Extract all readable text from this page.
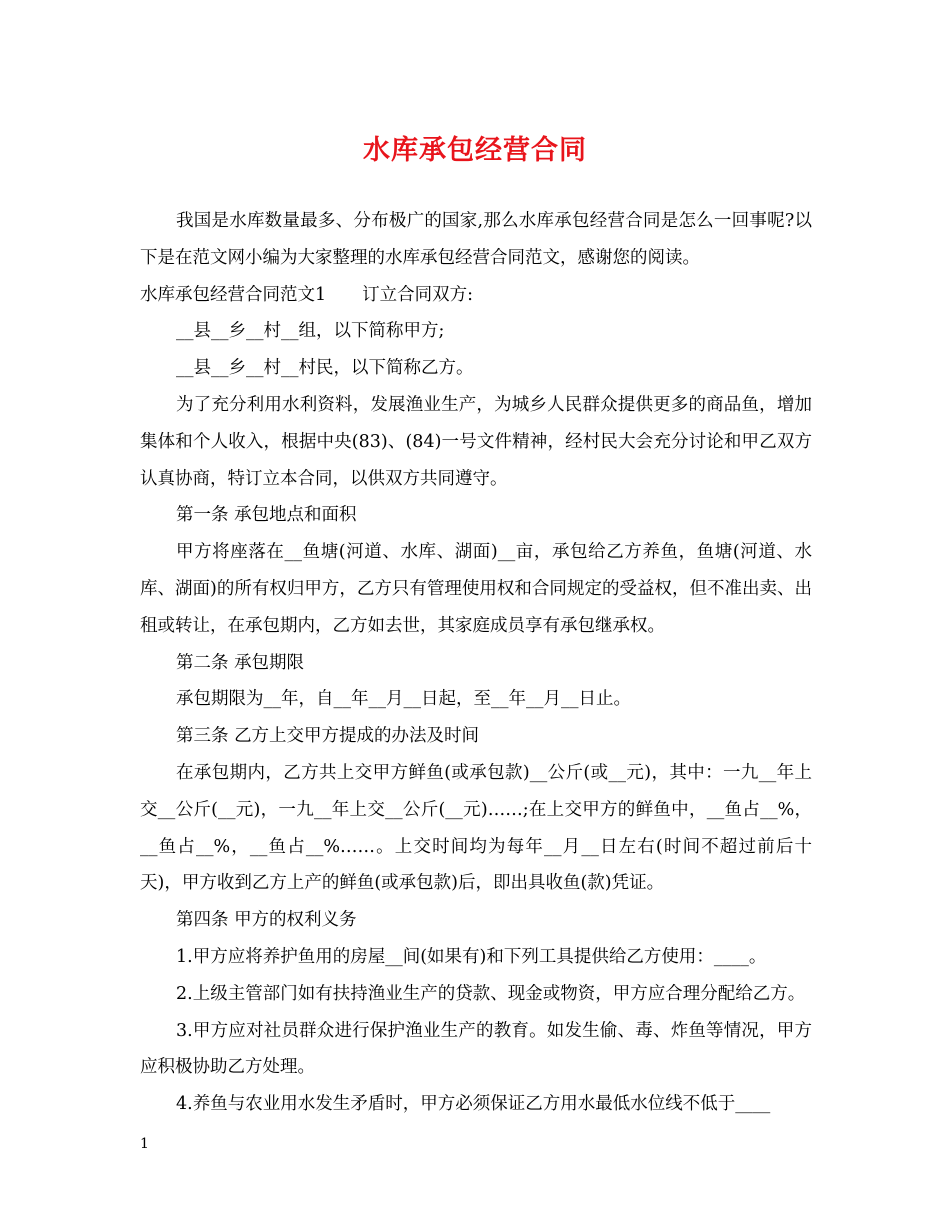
水库承包经营合同

我国是水库数量最多、分布极广的国家,那么水库承包经营合同是怎么一回事呢?以下是在范文网小编为大家整理的水库承包经营合同范文，感谢您的阅读。

水库承包经营合同范文1 订立合同双方:

__县__乡__村__组，以下简称甲方;

__县__乡__村__村民，以下简称乙方。

为了充分利用水利资料，发展渔业生产，为城乡人民群众提供更多的商品鱼，增加集体和个人收入，根据中央(83)、(84)一号文件精神，经村民大会充分讨论和甲乙双方认真协商，特订立本合同，以供双方共同遵守。

第一条 承包地点和面积

甲方将座落在__鱼塘(河道、水库、湖面)__亩，承包给乙方养鱼，鱼塘(河道、水库、湖面)的所有权归甲方，乙方只有管理使用权和合同规定的受益权，但不准出卖、出租或转让，在承包期内，乙方如去世，其家庭成员享有承包继承权。

第二条 承包期限

承包期限为__年，自__年__月__日起，至__年__月__日止。

第三条 乙方上交甲方提成的办法及时间

在承包期内，乙方共上交甲方鲜鱼(或承包款)__公斤(或__元)，其中：一九__年上交__公斤(__元)，一九__年上交__公斤(__元)……;在上交甲方的鲜鱼中，__鱼占__%，__鱼占__%，__鱼占__%……。上交时间均为每年__月__日左右(时间不超过前后十天)，甲方收到乙方上产的鲜鱼(或承包款)后，即出具收鱼(款)凭证。

第四条 甲方的权利义务

1.甲方应将养护鱼用的房屋__间(如果有)和下列工具提供给乙方使用：____。

2.上级主管部门如有扶持渔业生产的贷款、现金或物资，甲方应合理分配给乙方。

3.甲方应对社员群众进行保护渔业生产的教育。如发生偷、毒、炸鱼等情况，甲方应积极协助乙方处理。

4.养鱼与农业用水发生矛盾时，甲方必须保证乙方用水最低水位线不低于____

1
